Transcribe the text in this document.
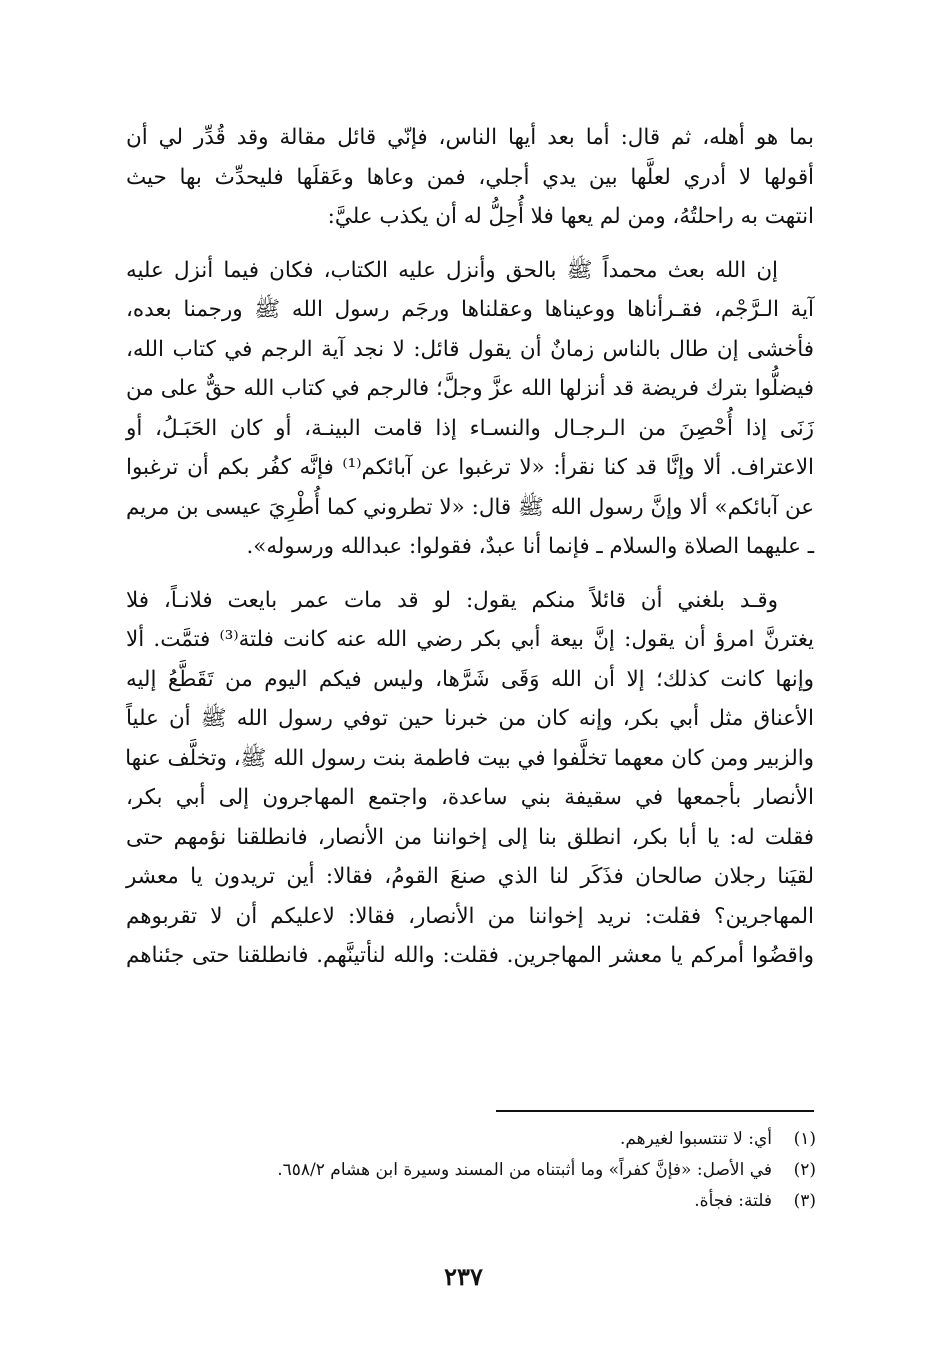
بما هو أهله، ثم قال: أما بعد أيها الناس، فإنّي قائل مقالة وقد قُدِّر لي أن
أقولها لا أدري لعلَّها بين يدي أجلي، فمن وعاها وعَقلَها فليحدِّث بها حيث
انتهت به راحلتُهُ، ومن لم يعها فلا أُحِلُّ له أن يكذب عليَّ:

إن الله بعث محمداً ﷺ بالحق وأنزل عليه الكتاب، فكان فيما أنزل عليه
آية الـرَّجْم، فقـرأناها ووعيناها وعقلناها ورجَم رسول الله ﷺ ورجمنا بعده،
فأخشى إن طال بالناس زمانٌ أن يقول قائل: لا نجد آية الرجم في كتاب الله،
فيضلُّوا بترك فريضة قد أنزلها الله عزَّ وجلَّ؛ فالرجم في كتاب الله حقٌّ على من
زَنَى إذا أُحْصِنَ من الـرجـال والنسـاء إذا قامت البينـة، أو كان الحَبَـلُ، أو
الاعتراف. ألا وإنَّا قد كنا نقرأ: «لا ترغبوا عن آبائكم⁽¹⁾ فإنَّه كفُر بكم أن ترغبوا
عن آبائكم» ألا وإنَّ رسول الله ﷺ قال: «لا تطروني كما أُطْرِيَ عيسى بن مريم
ـ عليهما الصلاة والسلام ـ فإنما أنا عبدٌ، فقولوا: عبدالله ورسوله».

وقـد بلغني أن قائلاً منكم يقول: لو قد مات عمر بايعت فلانـاً، فلا
يغترنَّ امرؤ أن يقول: إنَّ بيعة أبي بكر رضي الله عنه كانت فلتة⁽³⁾ فتمَّت. ألا
وإنها كانت كذلك؛ إلا أن الله وَقَى شَرَّها، وليس فيكم اليوم من تَقَطَّعُ إليه
الأعناق مثل أبي بكر، وإنه كان من خبرنا حين توفي رسول الله ﷺ أن علياً
والزبير ومن كان معهما تخلَّفوا في بيت فاطمة بنت رسول الله ﷺ، وتخلَّف عنها
الأنصار بأجمعها في سقيفة بني ساعدة، واجتمع المهاجرون إلى أبي بكر،
فقلت له: يا أبا بكر، انطلق بنا إلى إخواننا من الأنصار، فانطلقنا نؤمهم حتى
لقيَنا رجلان صالحان فذَكَر لنا الذي صنعَ القومُ، فقالا: أين تريدون يا معشر
المهاجرين؟ فقلت: نريد إخواننا من الأنصار، فقالا: لاعليكم أن لا تقربوهم
واقضُوا أمركم يا معشر المهاجرين. فقلت: والله لنأتينَّهم. فانطلقنا حتى جئناهم

(١)
أي: لا تنتسبوا لغيرهم.
(٢)
في الأصل: «فإنَّ كفراً» وما أثبتناه من المسند وسيرة ابن هشام ٦٥٨/٢.
(٣)
فلتة: فجأة.
٢٣٧
